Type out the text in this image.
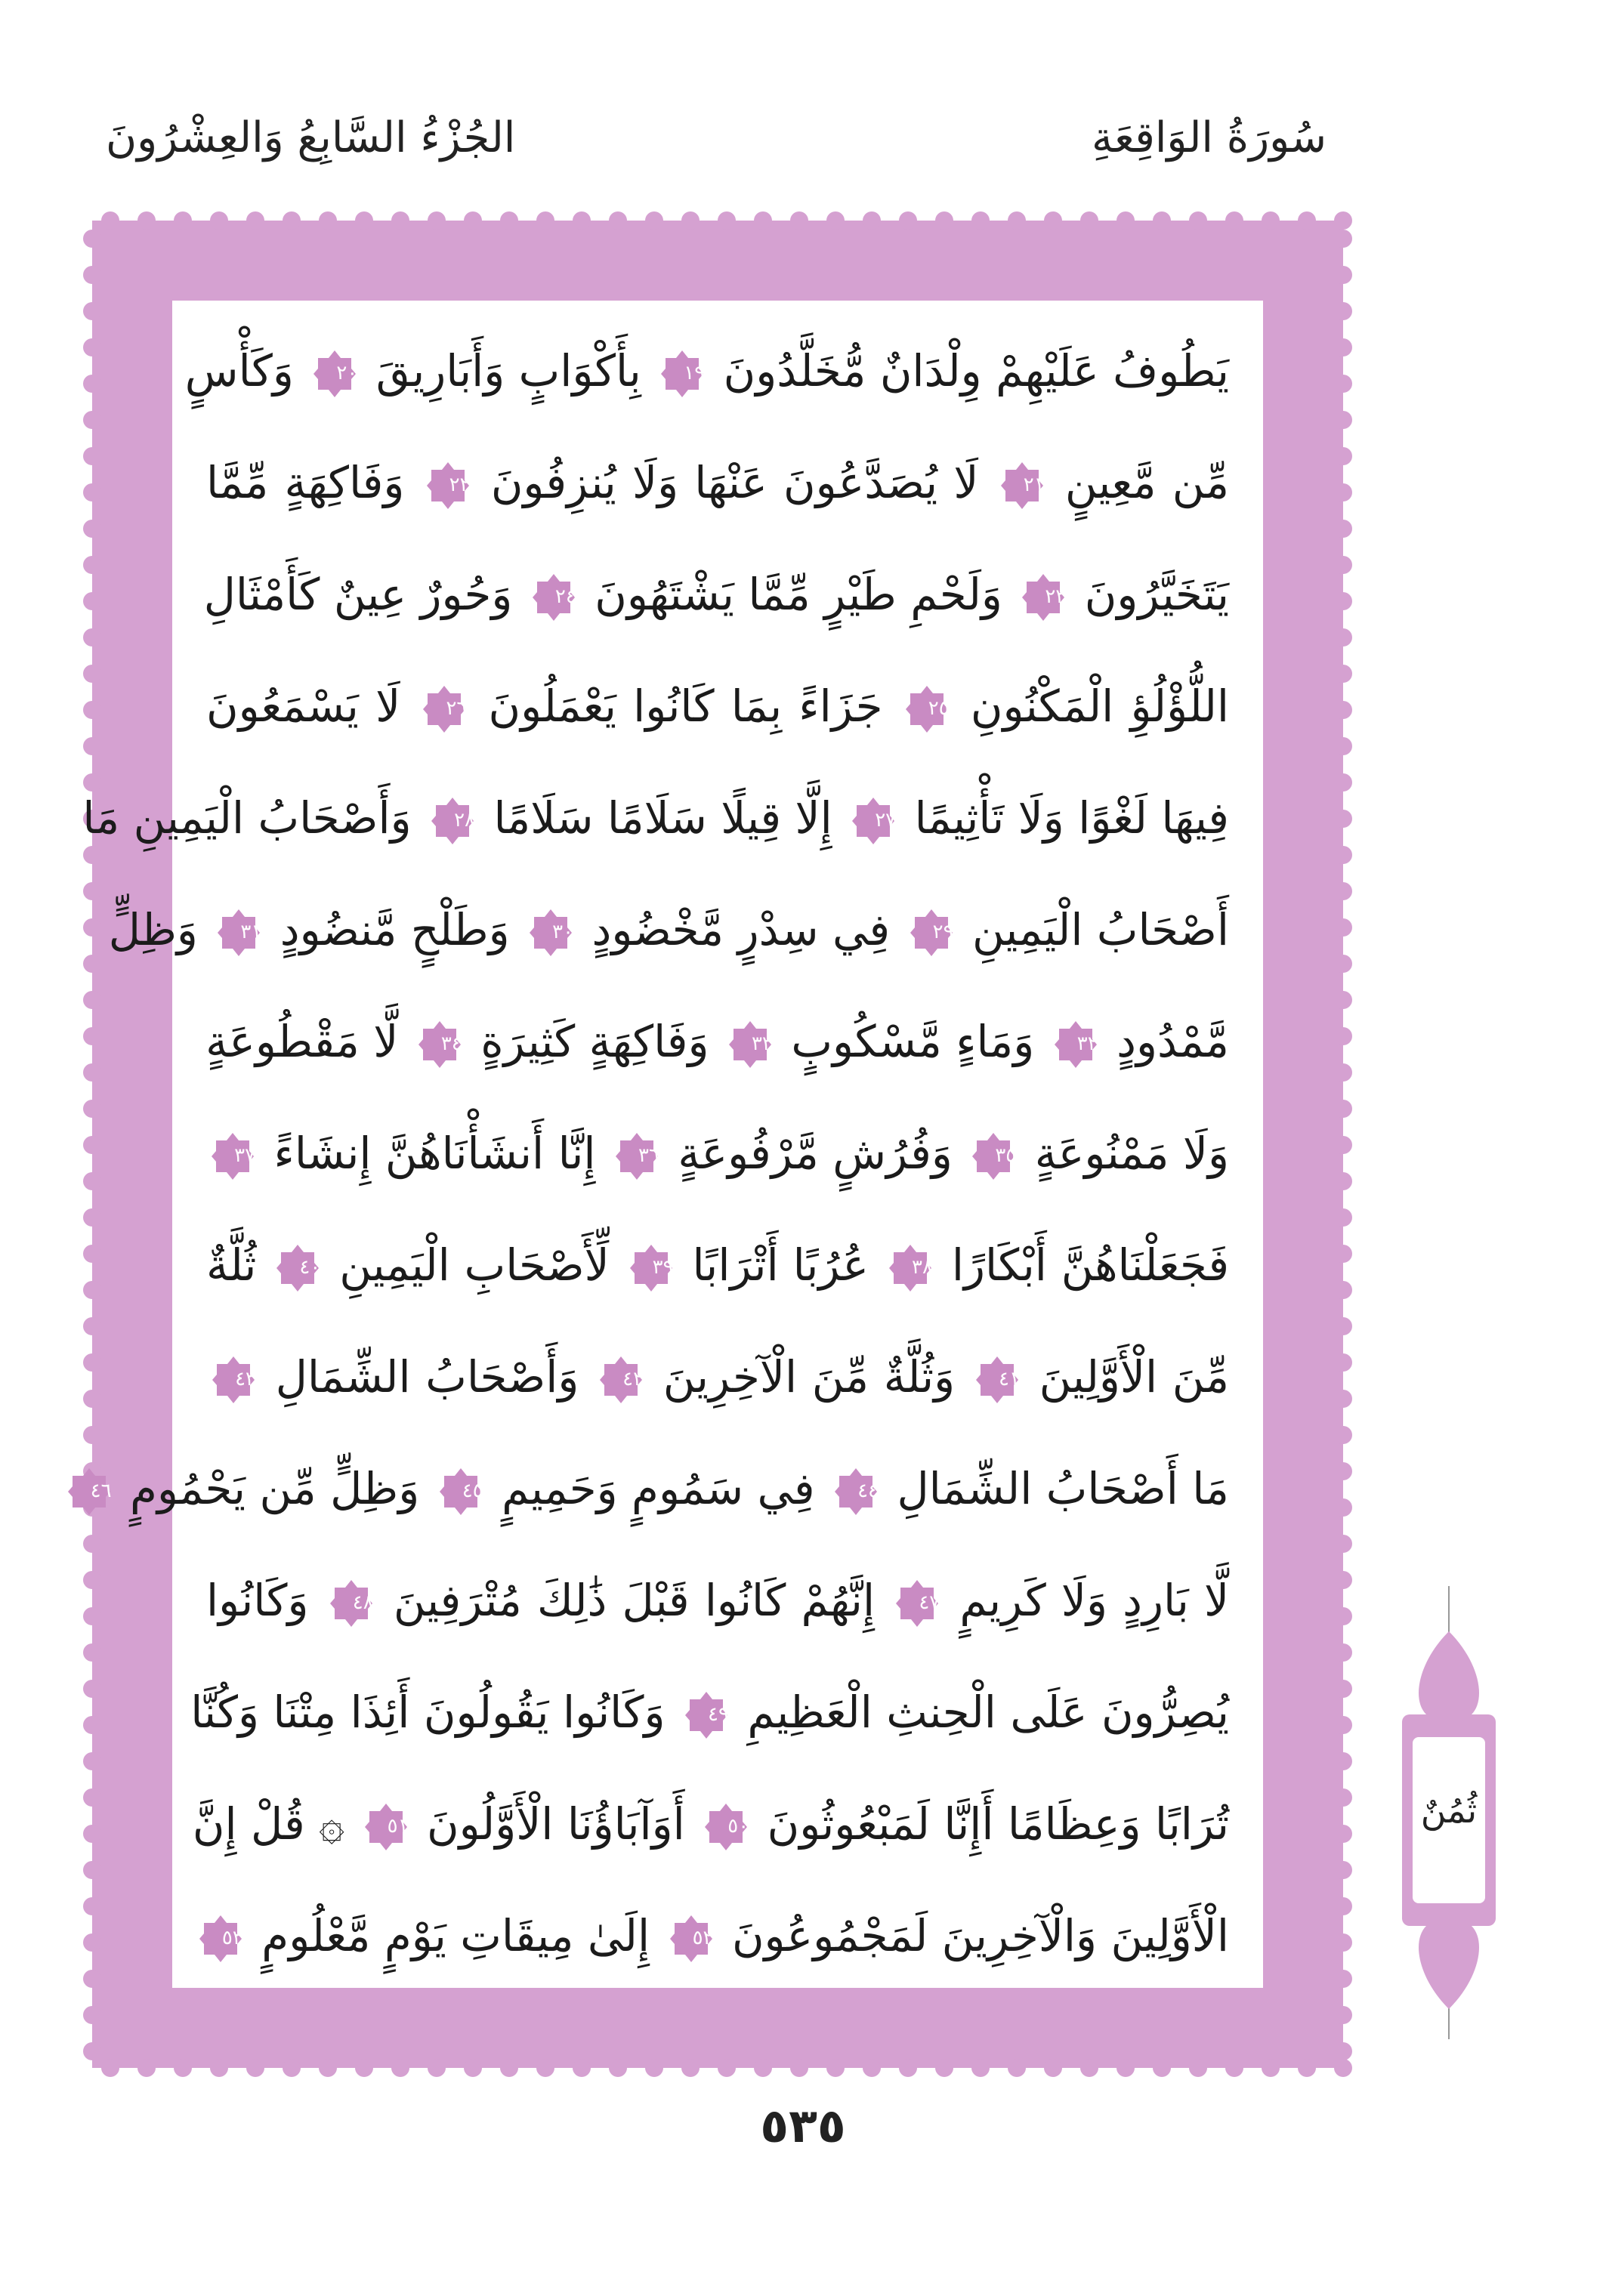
الجُزْءُ السَّابِعُ وَالعِشْرُونَ	سُورَةُ الوَاقِعَةِ
يَطُوفُ عَلَيْهِمْ وِلْدَانٌ مُّخَلَّدُونَ
١٩
بِأَكْوَابٍ وَأَبَارِيقَ
٢٠
وَكَأْسٍ
مِّن مَّعِينٍ
٢١
لَا يُصَدَّعُونَ عَنْهَا وَلَا يُنزِفُونَ
٢٢
وَفَاكِهَةٍ مِّمَّا
يَتَخَيَّرُونَ
٢٣
وَلَحْمِ طَيْرٍ مِّمَّا يَشْتَهُونَ
٢٤
وَحُورٌ عِينٌ كَأَمْثَالِ
اللُّؤْلُؤِ الْمَكْنُونِ
٢٥
جَزَاءً بِمَا كَانُوا يَعْمَلُونَ
٢٦
لَا يَسْمَعُونَ
فِيهَا لَغْوًا وَلَا تَأْثِيمًا
٢٧
إِلَّا قِيلًا سَلَامًا سَلَامًا
٢٨
وَأَصْحَابُ الْيَمِينِ مَا
أَصْحَابُ الْيَمِينِ
٢٩
فِي سِدْرٍ مَّخْضُودٍ
٣٠
وَطَلْحٍ مَّنضُودٍ
٣١
وَظِلٍّ
مَّمْدُودٍ
٣٢
وَمَاءٍ مَّسْكُوبٍ
٣٣
وَفَاكِهَةٍ كَثِيرَةٍ
٣٤
لَّا مَقْطُوعَةٍ
وَلَا مَمْنُوعَةٍ
٣٥
وَفُرُشٍ مَّرْفُوعَةٍ
٣٦
إِنَّا أَنشَأْنَاهُنَّ إِنشَاءً
٣٧
فَجَعَلْنَاهُنَّ أَبْكَارًا
٣٨
عُرُبًا أَتْرَابًا
٣٩
لِّأَصْحَابِ الْيَمِينِ
٤٠
ثُلَّةٌ
مِّنَ الْأَوَّلِينَ
٤١
وَثُلَّةٌ مِّنَ الْآخِرِينَ
٤٢
وَأَصْحَابُ الشِّمَالِ
٤٣
مَا أَصْحَابُ الشِّمَالِ
٤٤
فِي سَمُومٍ وَحَمِيمٍ
٤٥
وَظِلٍّ مِّن يَحْمُومٍ
٤٦
لَّا بَارِدٍ وَلَا كَرِيمٍ
٤٧
إِنَّهُمْ كَانُوا قَبْلَ ذَٰلِكَ مُتْرَفِينَ
٤٨
وَكَانُوا
يُصِرُّونَ عَلَى الْحِنثِ الْعَظِيمِ
٤٩
وَكَانُوا يَقُولُونَ أَئِذَا مِتْنَا وَكُنَّا
تُرَابًا وَعِظَامًا أَإِنَّا لَمَبْعُوثُونَ
٥٠
أَوَآبَاؤُنَا الْأَوَّلُونَ
٥١
۞ قُلْ إِنَّ
الْأَوَّلِينَ وَالْآخِرِينَ لَمَجْمُوعُونَ
٥٢
إِلَىٰ مِيقَاتِ يَوْمٍ مَّعْلُومٍ
٥٣
ثُمُنٌ
٥٣٥
